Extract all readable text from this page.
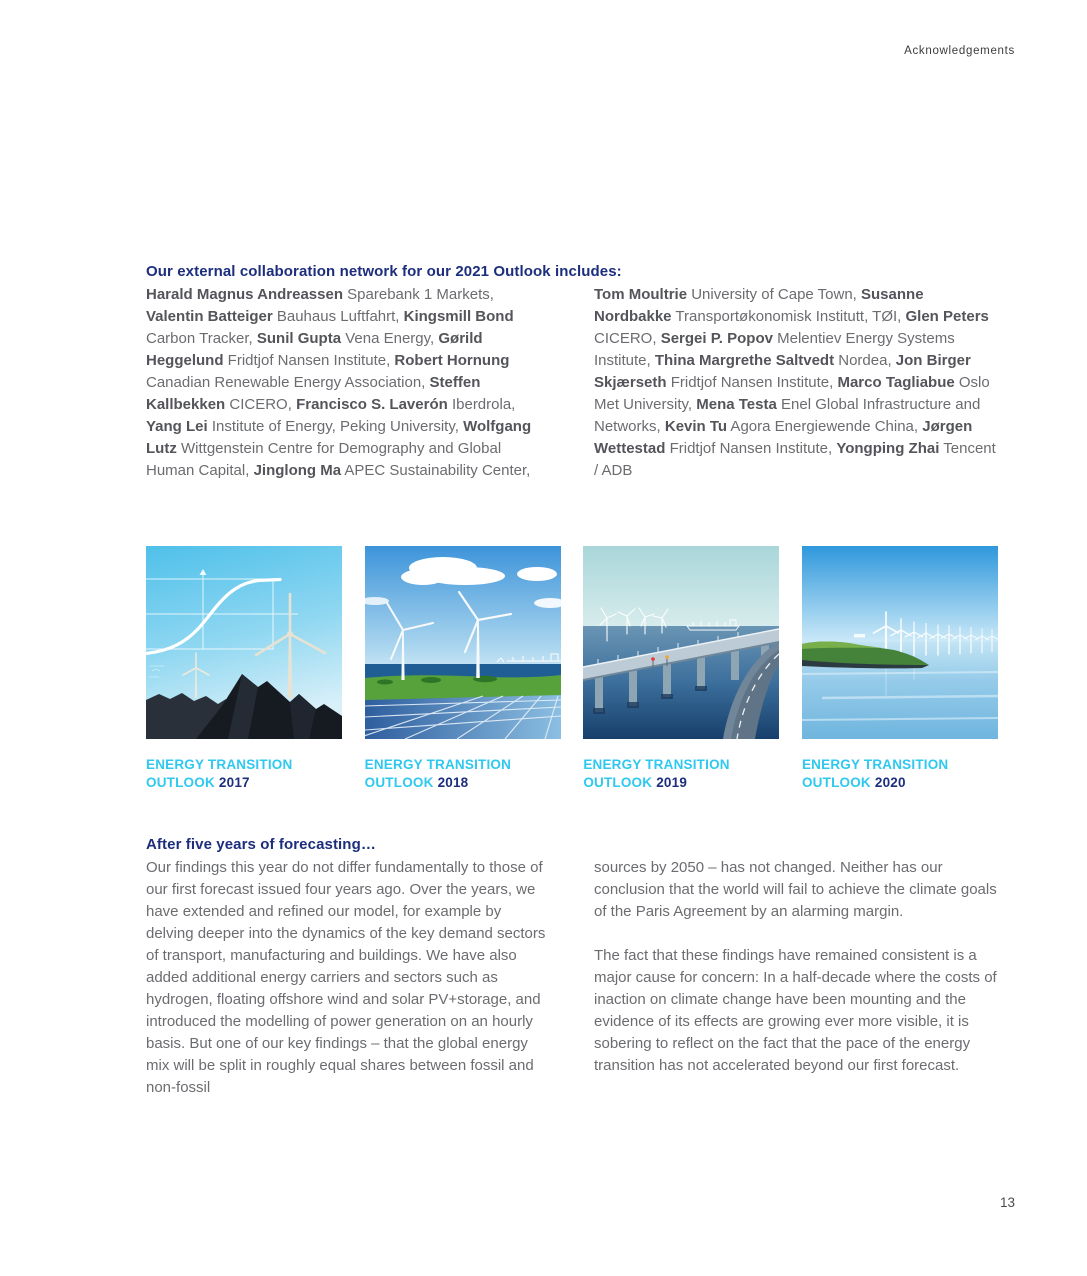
Acknowledgements
Our external collaboration network for our 2021 Outlook includes:
Harald Magnus Andreassen Sparebank 1 Markets, Valentin Batteiger Bauhaus Luftfahrt, Kingsmill Bond Carbon Tracker, Sunil Gupta Vena Energy, Gørild Heggelund Fridtjof Nansen Institute, Robert Hornung Canadian Renewable Energy Association, Steffen Kallbekken CICERO, Francisco S. Laverón Iberdrola, Yang Lei Institute of Energy, Peking University, Wolfgang Lutz Wittgenstein Centre for Demography and Global Human Capital, Jinglong Ma APEC Sustainability Center,
Tom Moultrie University of Cape Town, Susanne Nordbakke Transportøkonomisk Institutt, TØI, Glen Peters CICERO, Sergei P. Popov Melentiev Energy Systems Institute, Thina Margrethe Saltvedt Nordea, Jon Birger Skjærseth Fridtjof Nansen Institute, Marco Tagliabue Oslo Met University, Mena Testa Enel Global Infrastructure and Networks, Kevin Tu Agora Energiewende China, Jørgen Wettestad Fridtjof Nansen Institute, Yongping Zhai Tencent / ADB
ENERGY TRANSITION
OUTLOOK 2017
ENERGY TRANSITION
OUTLOOK 2018
ENERGY TRANSITION
OUTLOOK 2019
ENERGY TRANSITION
OUTLOOK 2020
After five years of forecasting…

Our findings this year do not differ fundamentally to those of our first forecast issued four years ago. Over the years, we have extended and refined our model, for example by delving deeper into the dynamics of the key demand sectors of transport, manufacturing and buildings. We have also added additional energy carriers and sectors such as hydrogen, floating offshore wind and solar PV+storage, and introduced the modelling of power generation on an hourly basis. But one of our key findings – that the global energy mix will be split in roughly equal shares between fossil and non-fossil

sources by 2050 – has not changed. Neither has our conclusion that the world will fail to achieve the climate goals of the Paris Agreement by an alarming margin.

The fact that these findings have remained consistent is a major cause for concern: In a half-decade where the costs of inaction on climate change have been mounting and the evidence of its effects are growing ever more visible, it is sobering to reflect on the fact that the pace of the energy transition has not accelerated beyond our first forecast.

13
